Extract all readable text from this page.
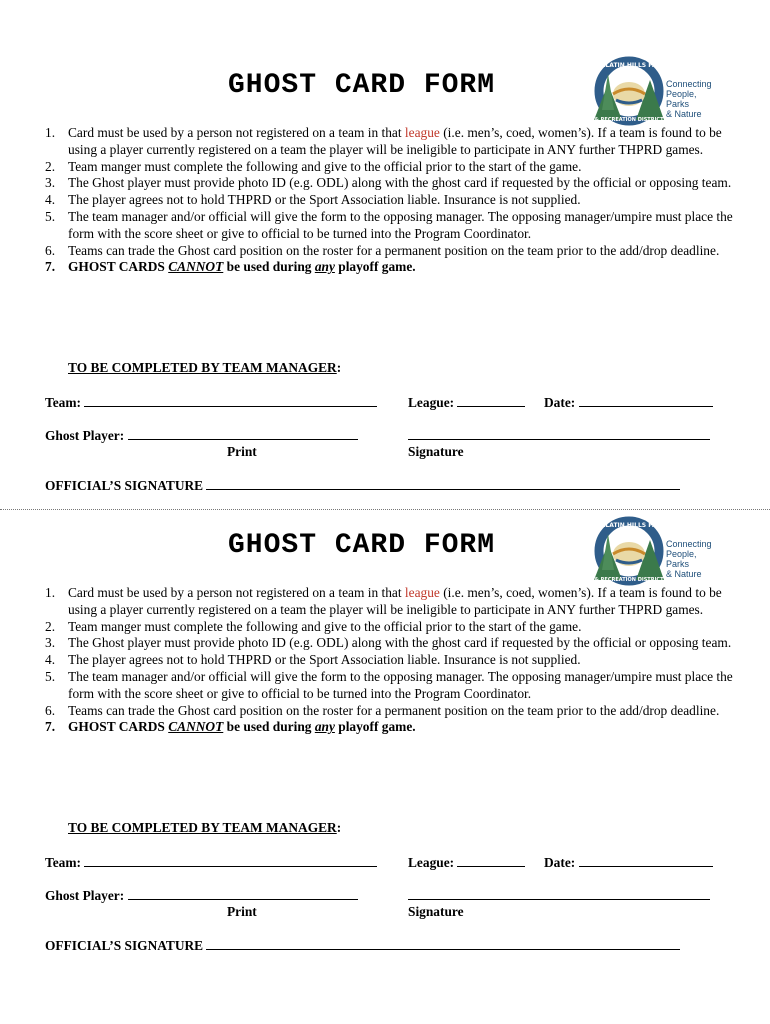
GHOST CARD FORM
TUALATIN HILLS PARK
& RECREATION DISTRICT
Connecting
People, Parks
& Nature
1. Card must be used by a person not registered on a team in that league (i.e. men’s, coed, women’s). If a team is found to be using a player currently registered on a team the player will be ineligible to participate in ANY further THPRD games.
2. Team manger must complete the following and give to the official prior to the start of the game.
3. The Ghost player must provide photo ID (e.g. ODL) along with the ghost card if requested by the official or opposing team.
4. The player agrees not to hold THPRD or the Sport Association liable. Insurance is not supplied.
5. The team manager and/or official will give the form to the opposing manager. The opposing manager/umpire must place the form with the score sheet or give to official to be turned into the Program Coordinator.
6. Teams can trade the Ghost card position on the roster for a permanent position on the team prior to the add/drop deadline.
7. GHOST CARDS CANNOT be used during any playoff game.
TO BE COMPLETED BY TEAM MANAGER:
Team:	League:	Date:
Ghost Player:
Print	Signature
OFFICIAL’S SIGNATURE
GHOST CARD FORM
TUALATIN HILLS PARK
& RECREATION DISTRICT
Connecting
People, Parks
& Nature
1. Card must be used by a person not registered on a team in that league (i.e. men’s, coed, women’s). If a team is found to be using a player currently registered on a team the player will be ineligible to participate in ANY further THPRD games.
2. Team manger must complete the following and give to the official prior to the start of the game.
3. The Ghost player must provide photo ID (e.g. ODL) along with the ghost card if requested by the official or opposing team.
4. The player agrees not to hold THPRD or the Sport Association liable. Insurance is not supplied.
5. The team manager and/or official will give the form to the opposing manager. The opposing manager/umpire must place the form with the score sheet or give to official to be turned into the Program Coordinator.
6. Teams can trade the Ghost card position on the roster for a permanent position on the team prior to the add/drop deadline.
7. GHOST CARDS CANNOT be used during any playoff game.
TO BE COMPLETED BY TEAM MANAGER:
Team:	League:	Date:
Ghost Player:
Print	Signature
OFFICIAL’S SIGNATURE
